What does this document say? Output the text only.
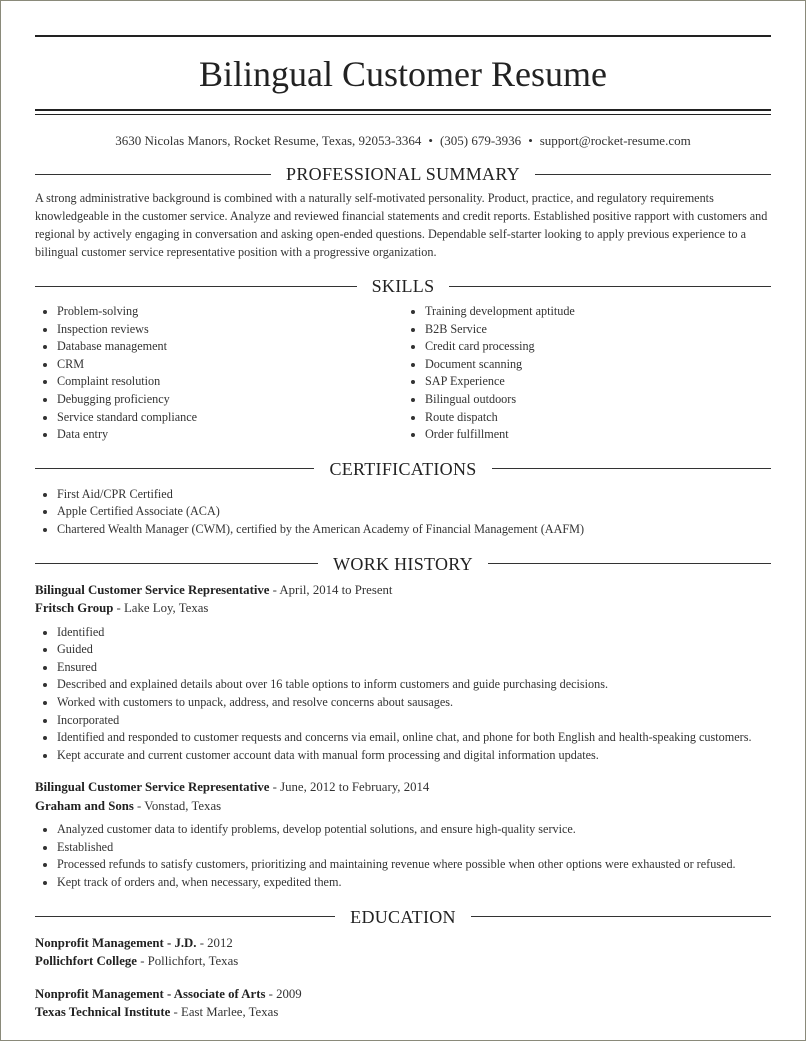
Bilingual Customer Resume
3630 Nicolas Manors, Rocket Resume, Texas, 92053-3364 • (305) 679-3936 • support@rocket-resume.com
PROFESSIONAL SUMMARY
A strong administrative background is combined with a naturally self-motivated personality. Product, practice, and regulatory requirements knowledgeable in the customer service. Analyze and reviewed financial statements and credit reports. Established positive rapport with customers and regional by actively engaging in conversation and asking open-ended questions. Dependable self-starter looking to apply previous experience to a bilingual customer service representative position with a progressive organization.
SKILLS
• Problem-solving
• Inspection reviews
• Database management
• CRM
• Complaint resolution
• Debugging proficiency
• Service standard compliance
• Data entry
• Training development aptitude
• B2B Service
• Credit card processing
• Document scanning
• SAP Experience
• Bilingual outdoors
• Route dispatch
• Order fulfillment
CERTIFICATIONS
• First Aid/CPR Certified
• Apple Certified Associate (ACA)
• Chartered Wealth Manager (CWM), certified by the American Academy of Financial Management (AAFM)
WORK HISTORY
Bilingual Customer Service Representative - April, 2014 to Present
Fritsch Group - Lake Loy, Texas
• Identified
• Guided
• Ensured
• Described and explained details about over 16 table options to inform customers and guide purchasing decisions.
• Worked with customers to unpack, address, and resolve concerns about sausages.
• Incorporated
• Identified and responded to customer requests and concerns via email, online chat, and phone for both English and health-speaking customers.
• Kept accurate and current customer account data with manual form processing and digital information updates.
Bilingual Customer Service Representative - June, 2012 to February, 2014
Graham and Sons - Vonstad, Texas
• Analyzed customer data to identify problems, develop potential solutions, and ensure high-quality service.
• Established
• Processed refunds to satisfy customers, prioritizing and maintaining revenue where possible when other options were exhausted or refused.
• Kept track of orders and, when necessary, expedited them.
EDUCATION
Nonprofit Management - J.D. - 2012
Pollichfort College - Pollichfort, Texas
Nonprofit Management - Associate of Arts - 2009
Texas Technical Institute - East Marlee, Texas
